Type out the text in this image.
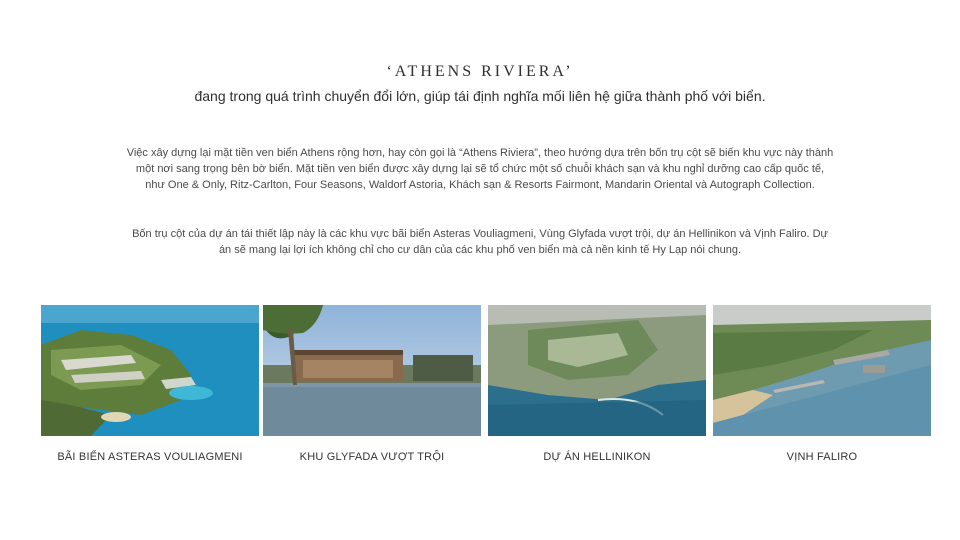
‘ATHENS RIVIERA’
đang trong quá trình chuyển đổi lớn, giúp tái định nghĩa mối liên hệ giữa thành phố với biển.

Việc xây dựng lại mặt tiền ven biển Athens rộng hơn, hay còn gọi là “Athens Riviera”, theo hướng dựa trên bốn trụ cột sẽ biến khu vực này thành một nơi sang trọng bên bờ biển. Mặt tiền ven biển được xây dựng lại sẽ tổ chức một số chuỗi khách sạn và khu nghỉ dưỡng cao cấp quốc tế, như One & Only, Ritz-Carlton, Four Seasons, Waldorf Astoria, Khách sạn & Resorts Fairmont, Mandarin Oriental và Autograph Collection.

Bốn trụ cột của dự án tái thiết lập này là các khu vực bãi biển Asteras Vouliagmeni, Vùng Glyfada vượt trội, dự án Hellinikon và Vịnh Faliro. Dự án sẽ mang lại lợi ích không chỉ cho cư dân của các khu phố ven biển mà cả nền kinh tế Hy Lạp nói chung.

BÃI BIỂN ASTERAS VOULIAGMENI	KHU GLYFADA VƯỢT TRỘI	DỰ ÁN HELLINIKON	VỊNH FALIRO
